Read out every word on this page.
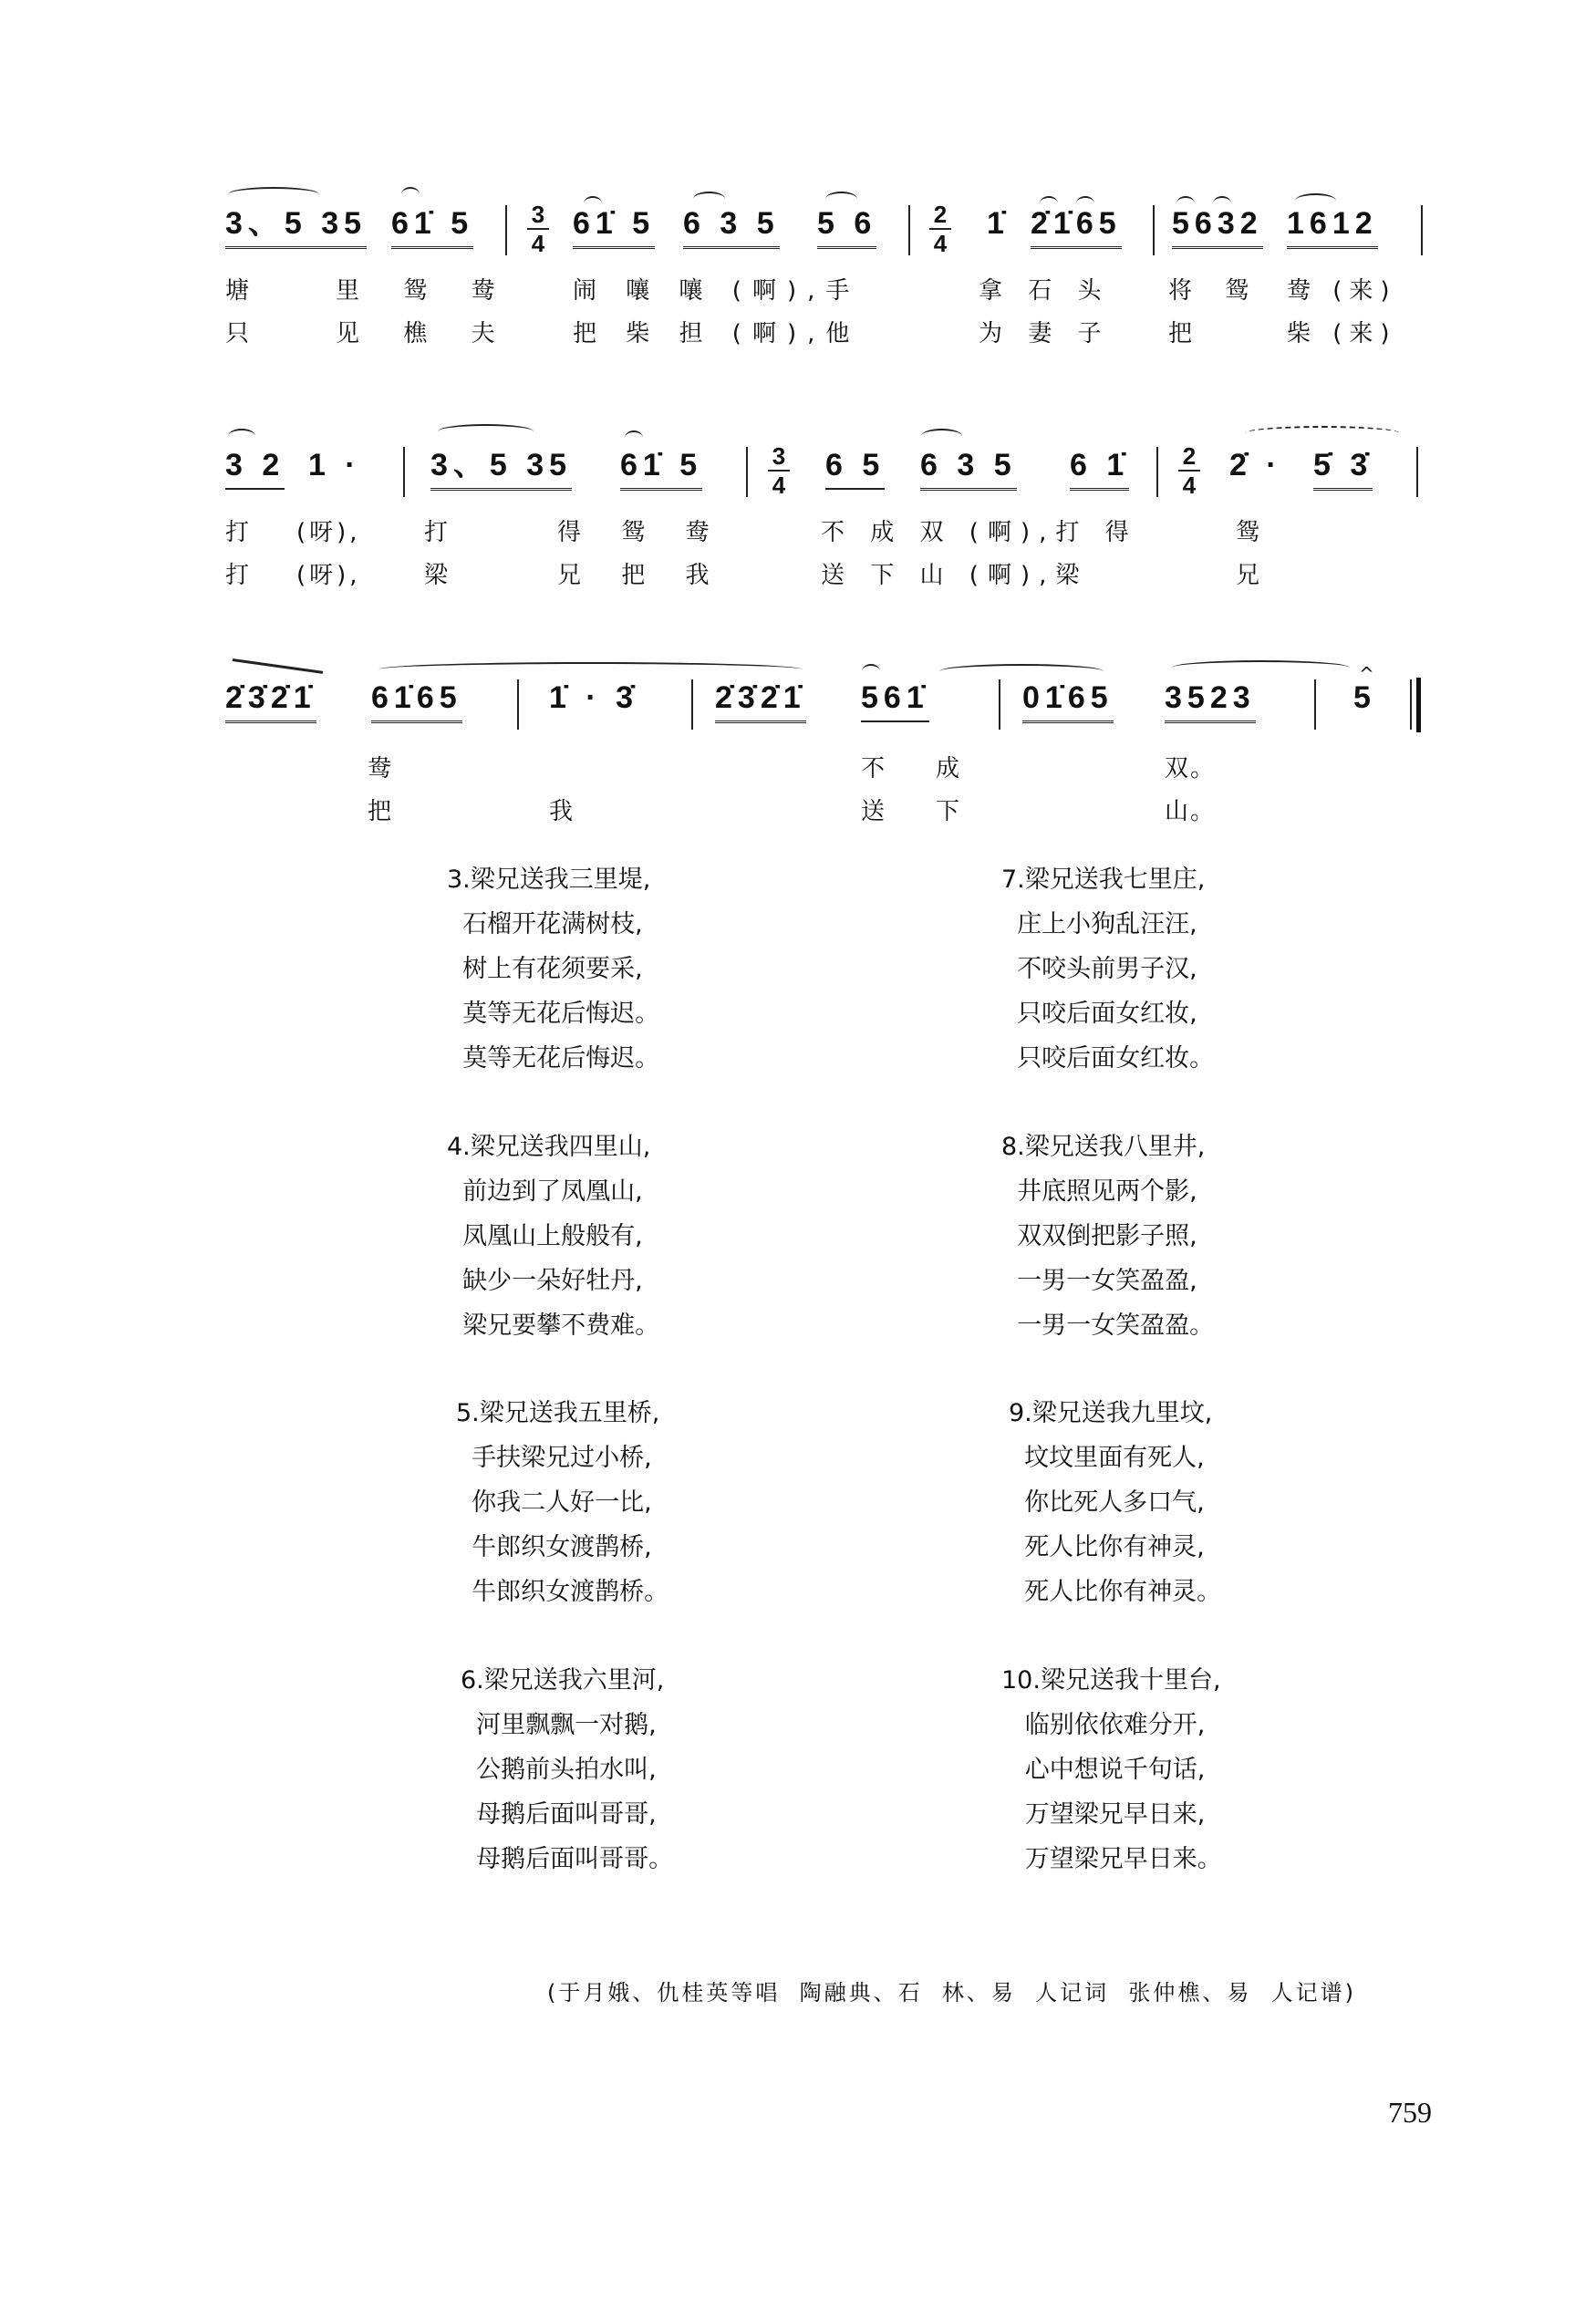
3、5 35 61̇ 5 3
4
61̇ 5 6 3 5 5 6 2
4
1̇ 2̇1̇65 5632 1612
塘	里 鸳 鸯	闹 嚷 嚷 (啊),手	拿 石 头 将 鸳 鸯 (来)
只	见 樵 夫	把 柴 担 (啊),他	为 妻 子 把	柴 (来)
3 2 1 · 3、5 35 61̇ 5	3
4
6 5 6 3 5 6 1̇ 2
4
2̇ · 5̇ 3̇
打 (呀),	打	得 鸳 鸯	不 成 双 (啊),打 得	鸳
打 (呀),	梁	兄 把 我	送 下 山 (啊),梁	兄
2̇3̇2̇1̇ 61̇65	1̇ · 3̇ 2̇3̇2̇1̇ 561̇	01̇65 3523
^
5
鸯	不 成	双。
把	我	送 下	山。
3.梁兄送我三里堤,
石榴开花满树枝,
树上有花须要采,
莫等无花后悔迟。
莫等无花后悔迟。
4.梁兄送我四里山,
前边到了凤凰山,
凤凰山上般般有,
缺少一朵好牡丹,
梁兄要攀不费难。
5.梁兄送我五里桥,
手扶梁兄过小桥,
你我二人好一比,
牛郎织女渡鹊桥,
牛郎织女渡鹊桥。
6.梁兄送我六里河,
河里飘飘一对鹅,
公鹅前头拍水叫,
母鹅后面叫哥哥,
母鹅后面叫哥哥。
7.梁兄送我七里庄,
庄上小狗乱汪汪,
不咬头前男子汉,
只咬后面女红妆,
只咬后面女红妆。
8.梁兄送我八里井,
井底照见两个影,
双双倒把影子照,
一男一女笑盈盈,
一男一女笑盈盈。
9.梁兄送我九里坟,
坟坟里面有死人,
你比死人多口气,
死人比你有神灵,
死人比你有神灵。
10.梁兄送我十里台,
临别依依难分开,
心中想说千句话,
万望梁兄早日来,
万望梁兄早日来。
(于月娥、仇桂英等唱  陶融典、石  林、易  人记词  张仲樵、易  人记谱)
759
